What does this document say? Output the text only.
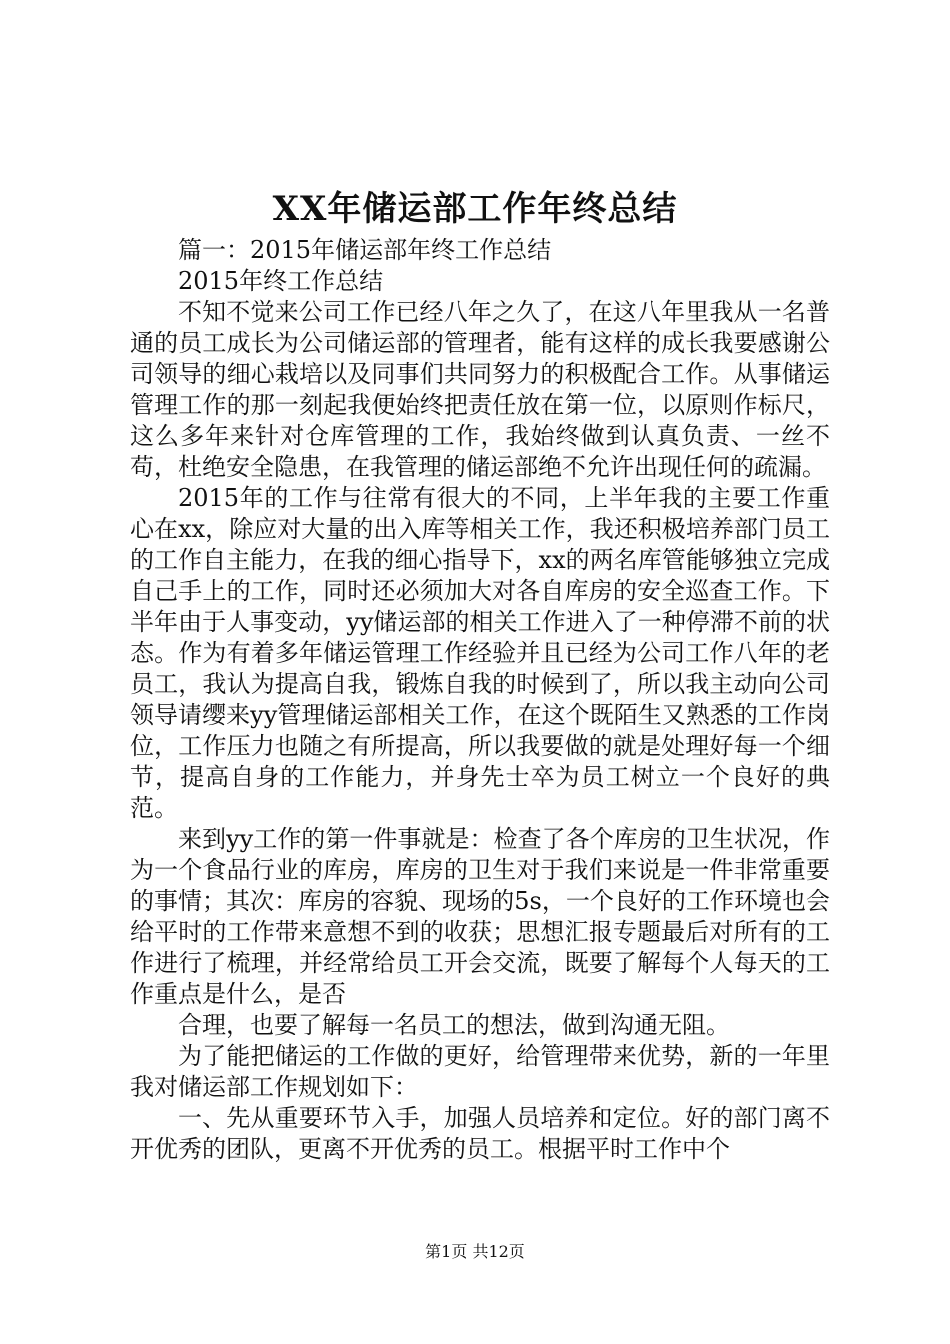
XX年储运部工作年终总结

篇一：2015年储运部年终工作总结

2015年终工作总结

不知不觉来公司工作已经八年之久了，在这八年里我从一名普通的员工成长为公司储运部的管理者，能有这样的成长我要感谢公司领导的细心栽培以及同事们共同努力的积极配合工作。从事储运管理工作的那一刻起我便始终把责任放在第一位，以原则作标尺，这么多年来针对仓库管理的工作，我始终做到认真负责、一丝不苟，杜绝安全隐患，在我管理的储运部绝不允许出现任何的疏漏。

2015年的工作与往常有很大的不同，上半年我的主要工作重心在xx，除应对大量的出入库等相关工作，我还积极培养部门员工的工作自主能力，在我的细心指导下，xx的两名库管能够独立完成自己手上的工作，同时还必须加大对各自库房的安全巡查工作。下半年由于人事变动，yy储运部的相关工作进入了一种停滞不前的状态。作为有着多年储运管理工作经验并且已经为公司工作八年的老员工，我认为提高自我，锻炼自我的时候到了，所以我主动向公司领导请缨来yy管理储运部相关工作，在这个既陌生又熟悉的工作岗位，工作压力也随之有所提高，所以我要做的就是处理好每一个细节，提高自身的工作能力，并身先士卒为员工树立一个良好的典范。

来到yy工作的第一件事就是：检查了各个库房的卫生状况，作为一个食品行业的库房，库房的卫生对于我们来说是一件非常重要的事情；其次：库房的容貌、现场的5s，一个良好的工作环境也会给平时的工作带来意想不到的收获；思想汇报专题最后对所有的工作进行了梳理，并经常给员工开会交流，既要了解每个人每天的工作重点是什么，是否

合理，也要了解每一名员工的想法，做到沟通无阻。

为了能把储运的工作做的更好，给管理带来优势，新的一年里我对储运部工作规划如下：

一、先从重要环节入手，加强人员培养和定位。好的部门离不开优秀的团队，更离不开优秀的员工。根据平时工作中个

第1页 共12页
